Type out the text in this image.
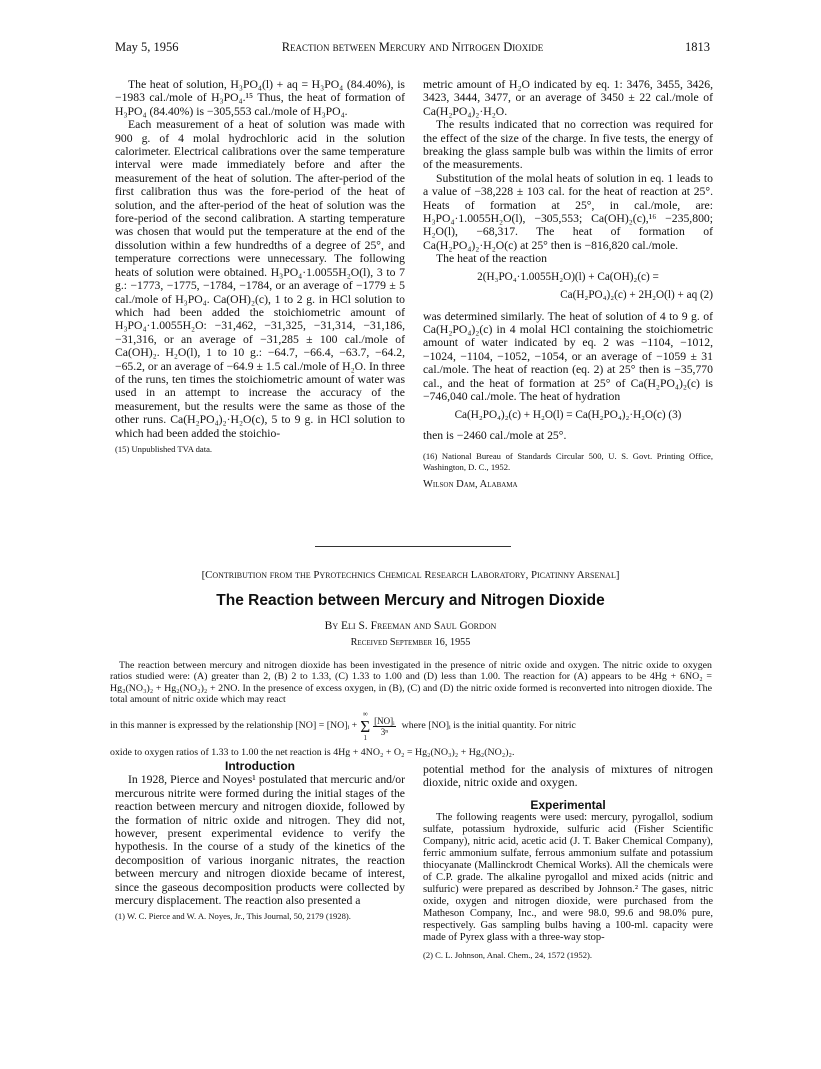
May 5, 1956	Reaction between Mercury and Nitrogen Dioxide	1813

The heat of solution, H₃PO₄(l) + aq = H₃PO₄ (84.40%), is −1983 cal./mole of H₃PO₄.¹⁵ Thus, the heat of formation of H₃PO₄ (84.40%) is −305,553 cal./mole of H₃PO₄.

Each measurement of a heat of solution was made with 900 g. of 4 molal hydrochloric acid in the solution calorimeter. Electrical calibrations over the same temperature interval were made immediately before and after the measurement of the heat of solution. The after-period of the first calibration thus was the fore-period of the heat of solution, and the after-period of the heat of solution was the fore-period of the second calibration. A starting temperature was chosen that would put the temperature at the end of the dissolution within a few hundredths of a degree of 25°, and temperature corrections were unnecessary. The following heats of solution were obtained. H₃PO₄·1.0055H₂O(l), 3 to 7 g.: −1773, −1775, −1784, −1784, or an average of −1779 ± 5 cal./mole of H₃PO₄. Ca(OH)₂(c), 1 to 2 g. in HCl solution to which had been added the stoichiometric amount of H₃PO₄·1.0055H₂O: −31,462, −31,325, −31,314, −31,186, −31,316, or an average of −31,285 ± 100 cal./mole of Ca(OH)₂. H₂O(l), 1 to 10 g.: −64.7, −66.4, −63.7, −64.2, −65.2, or an average of −64.9 ± 1.5 cal./mole of H₂O. In three of the runs, ten times the stoichiometric amount of water was used in an attempt to increase the accuracy of the measurement, but the results were the same as those of the other runs. Ca(H₂PO₄)₂·H₂O(c), 5 to 9 g. in HCl solution to which had been added the stoichio-

(15) Unpublished TVA data.

metric amount of H₂O indicated by eq. 1: 3476, 3455, 3426, 3423, 3444, 3477, or an average of 3450 ± 22 cal./mole of Ca(H₂PO₄)₂·H₂O.

The results indicated that no correction was required for the effect of the size of the charge. In five tests, the energy of breaking the glass sample bulb was within the limits of error of the measurements.

Substitution of the molal heats of solution in eq. 1 leads to a value of −38,228 ± 103 cal. for the heat of reaction at 25°. Heats of formation at 25°, in cal./mole, are: H₃PO₄·1.0055H₂O(l), −305,553; Ca(OH)₂(c),¹⁶ −235,800; H₂O(l), −68,317. The heat of formation of Ca(H₂PO₄)₂·H₂O(c) at 25° then is −816,820 cal./mole.

The heat of the reaction

2(H₃PO₄·1.0055H₂O)(l) + Ca(OH)₂(c) =
Ca(H₂PO₄)₂(c) + 2H₂O(l) + aq (2)

was determined similarly. The heat of solution of 4 to 9 g. of Ca(H₂PO₄)₂(c) in 4 molal HCl containing the stoichiometric amount of water indicated by eq. 2 was −1104, −1012, −1024, −1104, −1052, −1054, or an average of −1059 ± 31 cal./mole. The heat of reaction (eq. 2) at 25° then is −35,770 cal., and the heat of formation at 25° of Ca(H₂PO₄)₂(c) is −746,040 cal./mole. The heat of hydration

Ca(H₂PO₄)₂(c) + H₂O(l) = Ca(H₂PO₄)₂·H₂O(c) (3)

then is −2460 cal./mole at 25°.

(16) National Bureau of Standards Circular 500, U. S. Govt. Printing Office, Washington, D. C., 1952.

Wilson Dam, Alabama

[Contribution from the Pyrotechnics Chemical Research Laboratory, Picatinny Arsenal]
The Reaction between Mercury and Nitrogen Dioxide
By Eli S. Freeman and Saul Gordon
Received September 16, 1955

The reaction between mercury and nitrogen dioxide has been investigated in the presence of nitric oxide and oxygen. The nitric oxide to oxygen ratios studied were: (A) greater than 2, (B) 2 to 1.33, (C) 1.33 to 1.00 and (D) less than 1.00. The reaction for (A) appears to be 4Hg + 6NO₂ = Hg₂(NO₃)₂ + Hg₂(NO₂)₂ + 2NO. In the presence of excess oxygen, in (B), (C) and (D) the nitric oxide formed is reconverted into nitrogen dioxide. The total amount of nitric oxide which may react

in this manner is expressed by the relationship [NO] = [NO]ᵢ +
∞
Σ
1
$\frac{\text{[NO]ᵢ}}{\text{3ⁿ}}$ where [NO]ᵢ is the initial quantity. For nitric

oxide to oxygen ratios of 1.33 to 1.00 the net reaction is 4Hg + 4NO₂ + O₂ = Hg₂(NO₃)₂ + Hg₂(NO₂)₂.

Introduction

In 1928, Pierce and Noyes¹ postulated that mercuric and/or mercurous nitrite were formed during the initial stages of the reaction between mercury and nitrogen dioxide, followed by the formation of nitric oxide and nitrogen. They did not, however, present experimental evidence to verify the hypothesis. In the course of a study of the kinetics of the decomposition of various inorganic nitrates, the reaction between mercury and nitrogen dioxide became of interest, since the gaseous decomposition products were collected by mercury displacement. The reaction also presented a

(1) W. C. Pierce and W. A. Noyes, Jr., This Journal, 50, 2179 (1928).

potential method for the analysis of mixtures of nitrogen dioxide, nitric oxide and oxygen.

Experimental

The following reagents were used: mercury, pyrogallol, sodium sulfate, potassium hydroxide, sulfuric acid (Fisher Scientific Company), nitric acid, acetic acid (J. T. Baker Chemical Company), ferric ammonium sulfate, ferrous ammonium sulfate and potassium thiocyanate (Mallinckrodt Chemical Works). All the chemicals were of C.P. grade. The alkaline pyrogallol and mixed acids (nitric and sulfuric) were prepared as described by Johnson.² The gases, nitric oxide, oxygen and nitrogen dioxide, were purchased from the Matheson Company, Inc., and were 98.0, 99.6 and 98.0% pure, respectively. Gas sampling bulbs having a 100-ml. capacity were made of Pyrex glass with a three-way stop-

(2) C. L. Johnson, Anal. Chem., 24, 1572 (1952).
